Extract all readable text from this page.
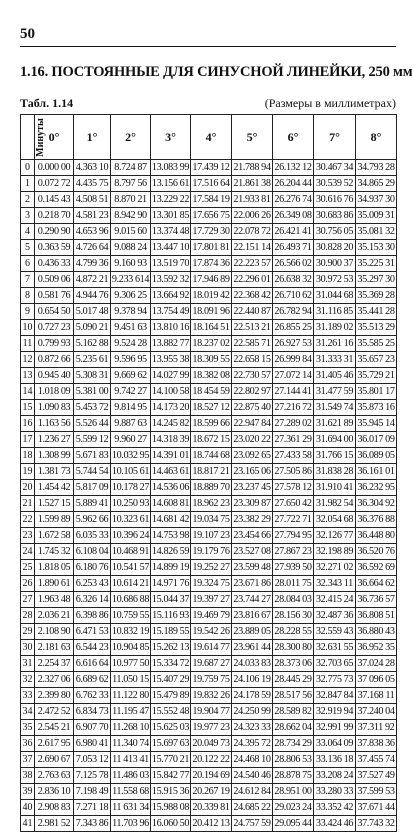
50
1.16. ПОСТОЯННЫЕ ДЛЯ СИНУСНОЙ ЛИНЕЙКИ, 250 мм
Табл. 1.14	(Размеры в миллиметрах)
Минуты	0°	1°	2°	3°	4°	5°	6°	7°	8°
0	0.000 00	4.363 10	8.724 87	13.083 99	17.439 12	21.788 94	26.132 12	30.467 34	34.793 28
1	0.072 72	4.435 75	8.797 56	13.156 61	17.516 64	21.861 38	26.204 44	30.539 52	34.865 29
2	0.145 43	4.508 51	8.870 21	13.229 22	17.584 19	21.933 81	26.276 74	30.616 76	34.937 30
3	0.218 70	4.581 23	8.942 90	13.301 85	17.656 75	22.006 26	26.349 08	30.683 86	35.009 31
4	0.290 90	4.653 96	9.015 60	13.374 48	17.729 30	22.078 72	26.421 41	30.756 05	35.081 32
5	0.363 59	4.726 64	9.088 24	13.447 10	17.801 81	22.151 14	26.493 71	30.828 20	35.153 30
6	0.436 33	4.799 36	9.160 93	13.519 70	17.874 36	22.223 57	26.566 02	30.900 37	35.225 31
7	0.509 06	4.872 21	9.233 614	13.592 32	17.946 89	22.296 01	26.638 32	30.972 53	35.297 30
8	0.581 76	4.944 76	9.306 25	13.664 92	18.019 42	22.368 42	26.710 62	31.044 68	35.369 28
9	0.654 50	5.017 48	9.378 94	13.754 49	18.091 96	22.440 87	26.782 94	31.116 85	35.441 28
10	0.727 23	5.090 21	9.451 63	13.810 16	18.164 51	22.513 21	26.855 25	31.189 02	35.513 29
11	0.799 93	5.162 88	9.524 28	13.882 77	18.237 02	22.585 71	26.927 53	31.261 16	35.585 25
12	0.872 66	5.235 61	9.596 95	13.955 38	18.309 55	22.658 15	26.999 84	31.333 31	35.657 23
13	0.945 40	5.308 31	9.669 62	14.027 99	18.382 08	22.730 57	27.072 14	31.405 46	35.729 21
14	1.018 09	5.381 00	9.742 27	14.100 58	18 454 59	22.802 97	27.144 41	31.477 59	35.801 17
15	1.090 83	5.453 72	9.814 95	14.173 20	18.527 12	22.875 40	27.216 72	31.549 74	35.873 16
16	1.163 56	5.526 44	9.887 63	14.245 82	18.599 66	22.947 84	27.289 02	31.621 89	35.945 14
17	1.236 27	5.599 12	9.960 27	14.318 39	18.672 15	23.020 22	27.361 29	31.694 00	36.017 09
18	1.308 99	5.671 83	10.032 95	14.391 01	18.744 68	23.092 65	27.433 58	31.766 15	36.089 05
19	1.381 73	5.744 54	10.105 61	14.463 61	18.817 21	23.165 06	27.505 86	31.838 28	36.161 01
20	1.454 42	5.817 09	10.178 27	14.536 06	18.889 70	23.237 45	27.578 12	31.910 41	36.232 95
21	1.527 15	5.889 41	10.250 93	14.608 81	18.962 23	23.309 87	27.650 42	31.982 54	36.304 92
22	1.599 89	5.962 66	10.323 61	14.681 42	19.034 75	23.382 29	27.722 71	32.054 68	36.376 88
23	1.672 58	6.035 33	10.396 24	14.753 98	19.107 23	23.454 66	27.794 95	32.126 77	36.448 80
24	1.745 32	6.108 04	10.468 91	14.826 59	19.179 76	23.527 08	27.867 23	32.198 89	36.520 76
25	1.818 05	6.180 76	10.541 57	14.899 19	19.252 27	23.599 48	27.939 50	32.271 02	36.592 69
26	1.890 61	6.253 43	10.614 21	14.971 76	19.324 75	23.671 86	28.011 75	32.343 11	36.664 62
27	1.963 48	6.326 14	10.686 88	15.044 37	19.397 27	23.744 27	28.084 03	32.415 24	36.736 57
28	2.036 21	6.398 86	10.759 55	15.116 93	19.469 79	23.816 67	28.156 30	32.487 36	36.808 51
29	2.108 90	6.471 53	10.832 19	15.189 55	19.542 26	23.889 05	28.228 55	32.559 43	36.880 43
30	2.181 63	6.544 23	10.904 85	15.262 13	19.614 77	23.961 44	28.300 80	32.631 55	36.952 35
31	2.254 37	6.616 64	10.977 50	15.334 72	19.687 27	24.033 83	28.373 06	32.703 65	37.024 28
32	2.327 06	6.689 62	11.050 15	15.407 29	19.759 75	24.106 19	28.445 29	32.775 73	37 096 05
33	2.399 80	6.762 33	11.122 80	15.479 89	19.832 26	24.178 59	28.517 56	32.847 84	37.168 11
34	2.472 52	6.834 73	11.195 47	15.552 48	19.904 77	24.250 99	28.589 82	32.919 94	37.240 04
35	2.545 21	6.907 70	11.268 10	15.625 03	19.977 23	24.323 33	28.662 04	32.991 99	37.311 92
36	2.617 95	6.980 41	11.340 74	15.697 63	20.049 73	24.395 72	28.734 29	33.064 09	37.838 36
37	2.690 67	7.053 12	11 413 41	15.770 21	20.122 22	24.468 10	28.806 53	33.136 18	37.455 74
38	2.763 63	7.125 78	11.486 03	15.842 77	20.194 69	24.540 46	28.878 75	33.208 24	37.527 49
39	2.836 10	7.198 49	11.558 68	15.915 36	20.267 19	24.612 84	28.951 00	33.280 33	37.599 53
40	2.908 83	7.271 18	11 631 34	15.988 08	20.339 81	24.685 22	29.023 24	33.352 42	37.671 44
41	2.981 52	7.343 86	11.703 96	16.060 50	20.412 13	24.757 59	29.095 44	33.424 46	37.743 32
